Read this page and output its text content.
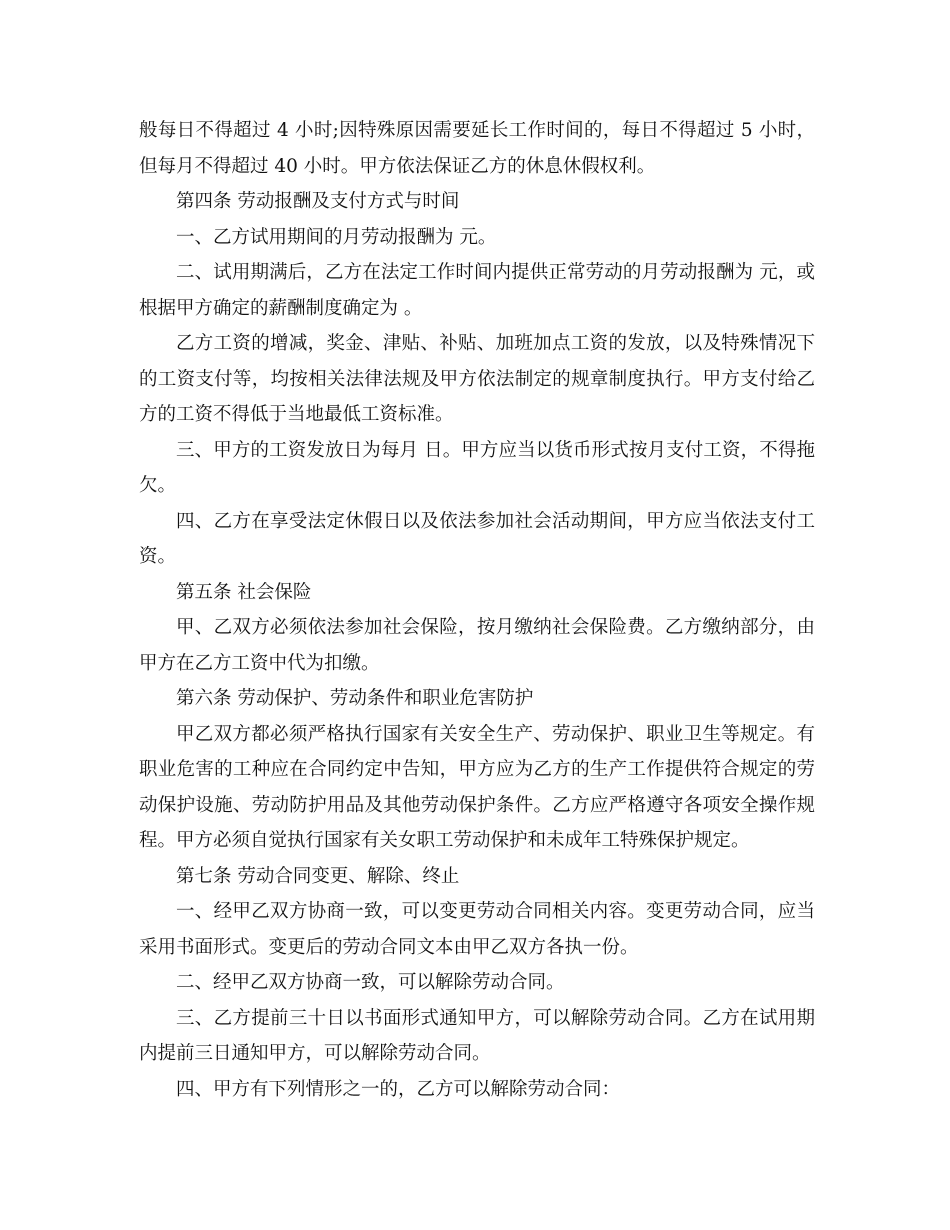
般每日不得超过 4 小时;因特殊原因需要延长工作时间的，每日不得超过 5 小时，但每月不得超过 40 小时。甲方依法保证乙方的休息休假权利。

第四条 劳动报酬及支付方式与时间

一、乙方试用期间的月劳动报酬为 元。

二、试用期满后，乙方在法定工作时间内提供正常劳动的月劳动报酬为 元，或根据甲方确定的薪酬制度确定为 。

乙方工资的增减，奖金、津贴、补贴、加班加点工资的发放，以及特殊情况下的工资支付等，均按相关法律法规及甲方依法制定的规章制度执行。甲方支付给乙方的工资不得低于当地最低工资标准。

三、甲方的工资发放日为每月 日。甲方应当以货币形式按月支付工资，不得拖欠。

四、乙方在享受法定休假日以及依法参加社会活动期间，甲方应当依法支付工资。

第五条 社会保险

甲、乙双方必须依法参加社会保险，按月缴纳社会保险费。乙方缴纳部分，由甲方在乙方工资中代为扣缴。

第六条 劳动保护、劳动条件和职业危害防护

甲乙双方都必须严格执行国家有关安全生产、劳动保护、职业卫生等规定。有职业危害的工种应在合同约定中告知，甲方应为乙方的生产工作提供符合规定的劳动保护设施、劳动防护用品及其他劳动保护条件。乙方应严格遵守各项安全操作规程。甲方必须自觉执行国家有关女职工劳动保护和未成年工特殊保护规定。

第七条 劳动合同变更、解除、终止

一、经甲乙双方协商一致，可以变更劳动合同相关内容。变更劳动合同，应当采用书面形式。变更后的劳动合同文本由甲乙双方各执一份。

二、经甲乙双方协商一致，可以解除劳动合同。

三、乙方提前三十日以书面形式通知甲方，可以解除劳动合同。乙方在试用期内提前三日通知甲方，可以解除劳动合同。

四、甲方有下列情形之一的，乙方可以解除劳动合同：
